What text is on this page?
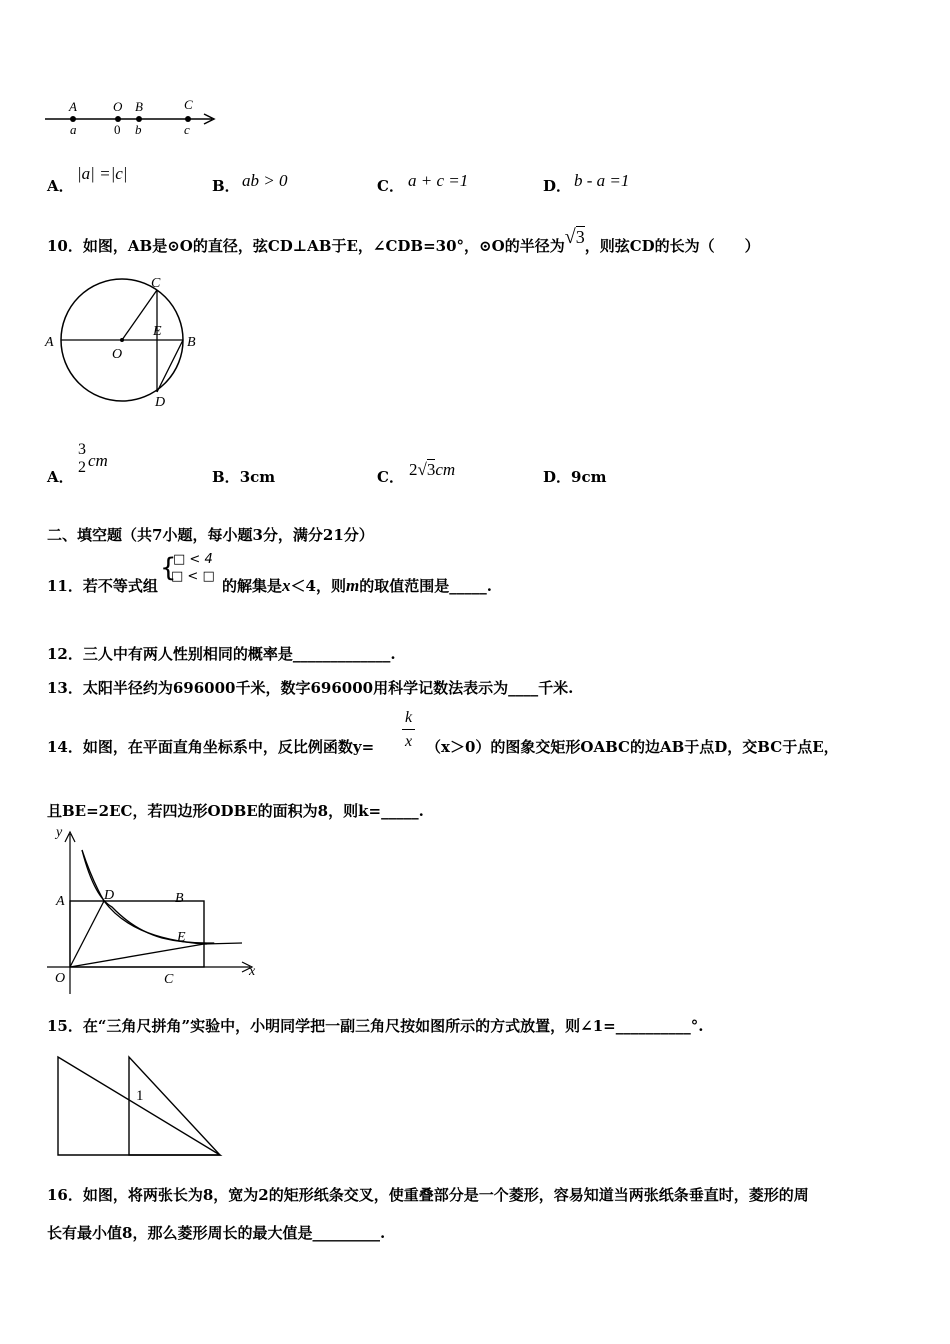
A	O B	C
a	0 b	c
A．
|a| =|c|
B． ab > 0	C． a + c =1	D． b - a =1
10．如图，AB是⊙O的直径，弦CD⊥AB于E，∠CDB=30°，⊙O的半径为√3，则弦CD的长为（　　）
A	B
C
D
E
O
A．
3
2 cm
B．3cm	C． 2√3cm	D．9cm
二、填空题（共7小题，每小题3分，满分21分）
11．若不等式组
{
□ < 4
□ < □
的解集是x＜4，则m的取值范围是_____.
12．三人中有两人性别相同的概率是_____________.
13．太阳半径约为696000千米，数字696000用科学记数法表示为____千米.
14．如图，在平面直角坐标系中，反比例函数$y= \frac{k}{x} (x>0)$的图象交矩形OABC的边AB于点D，交BC于点E，
且BE=2EC，若四边形ODBE的面积为8，则k=_____.
y
x
A	D	B
E
C
O
15．在“三角尺拼角”实验中，小明同学把一副三角尺按如图所示的方式放置，则∠1=__________°.
1
16．如图，将两张长为8，宽为2的矩形纸条交叉，使重叠部分是一个菱形，容易知道当两张纸条垂直时，菱形的周
长有最小值8，那么菱形周长的最大值是_________.
